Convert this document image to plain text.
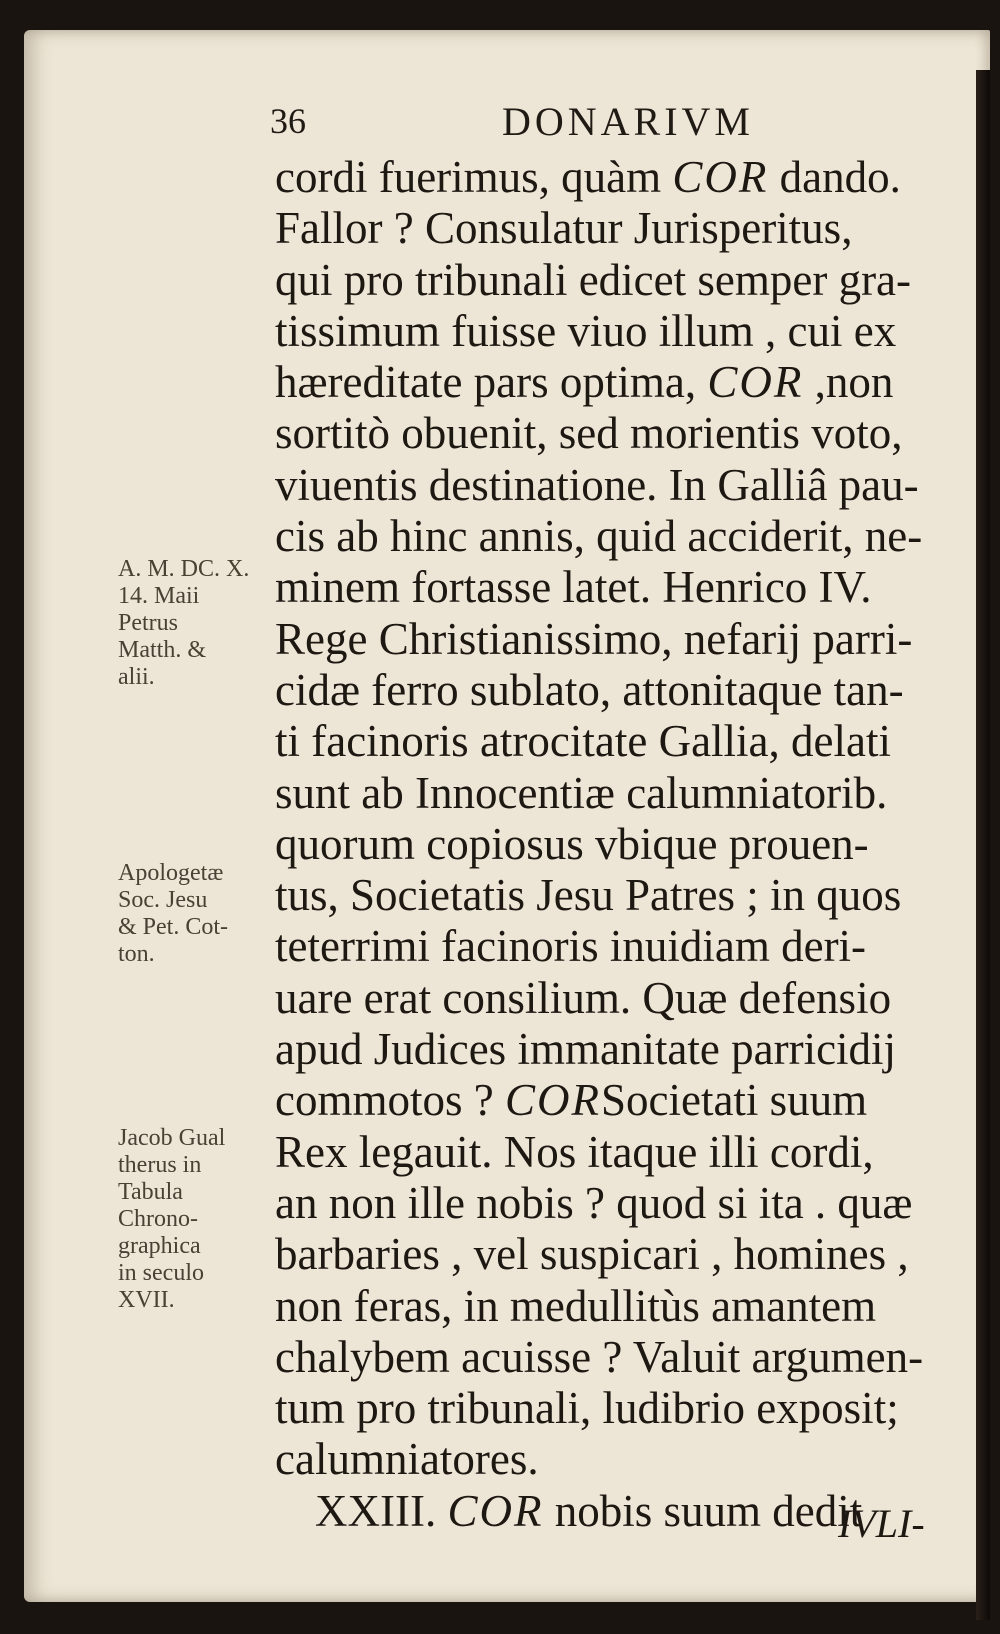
36	DONARIVM
cordi fuerimus, quàm COR dando.
Fallor ? Consulatur Jurisperitus,
qui pro tribunali edicet semper gra-
tissimum fuisse viuo illum , cui ex
hæreditate pars optima, COR ,non
sortitò obuenit, sed morientis voto,
viuentis destinatione. In Galliâ pau-
cis ab hinc annis, quid acciderit, ne-
minem fortasse latet. Henrico IV.
Rege Christianissimo, nefarij parri-
cidæ ferro sublato, attonitaque tan-
ti facinoris atrocitate Gallia, delati
sunt ab Innocentiæ calumniatorib.
quorum copiosus vbique prouen-
tus, Societatis Jesu Patres ; in quos
teterrimi facinoris inuidiam deri-
uare erat consilium. Quæ defensio
apud Judices immanitate parricidij
commotos ? CORSocietati suum
Rex legauit. Nos itaque illi cordi,
an non ille nobis ? quod si ita . quæ
barbaries , vel suspicari , homines ,
non feras, in medullitùs amantem
chalybem acuisse ? Valuit argumen-
tum pro tribunali, ludibrio exposit;
calumniatores.
XXIII. COR nobis suum dedit
A. M. DC. X.
14. Maii
Petrus
Matth. &
alii.
Apologetæ
Soc. Jesu
& Pet. Cot-
ton.
Jacob Gual
therus in
Tabula
Chrono-
graphica
in seculo
XVII.
IVLI-
